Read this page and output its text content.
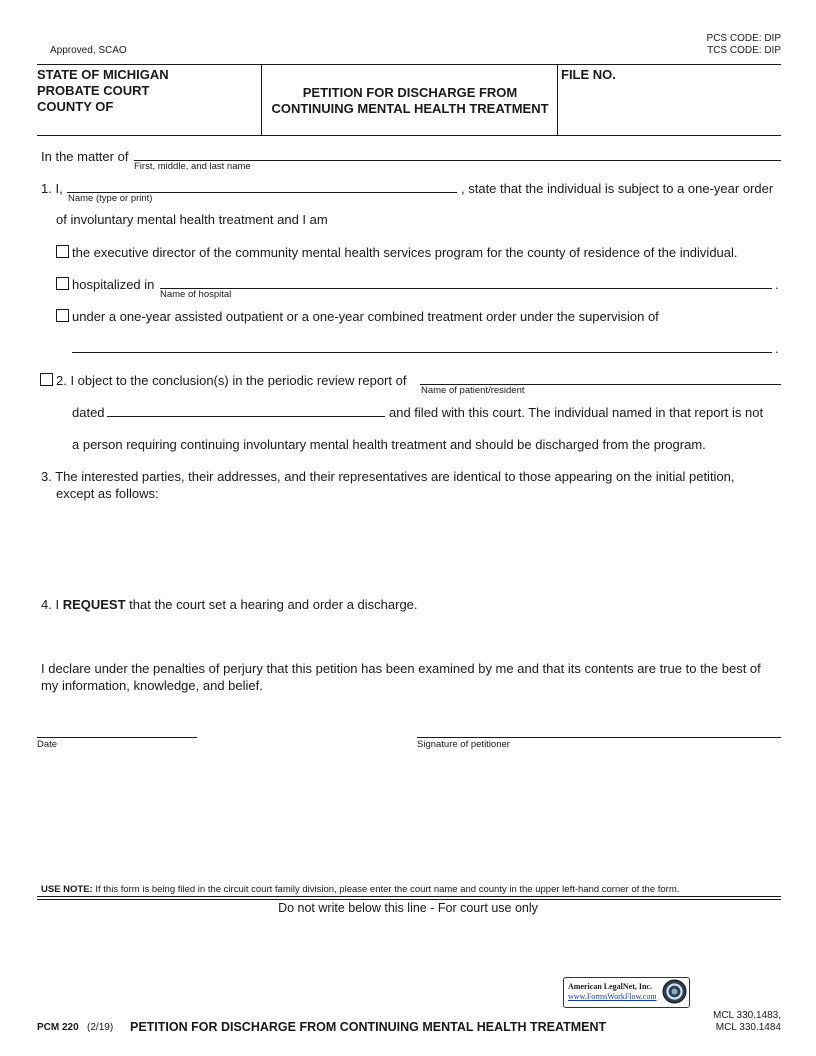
Approved, SCAO
PCS CODE: DIP
TCS CODE: DIP
STATE OF MICHIGAN
PROBATE COURT
COUNTY OF
PETITION FOR DISCHARGE FROM
CONTINUING MENTAL HEALTH TREATMENT
FILE NO.
In the matter of
First, middle, and last name
1. I,
Name (type or print)
, state that the individual is subject to a one-year order
of involuntary mental health treatment and I am
the executive director of the community mental health services program for the county of residence of the individual.
hospitalized in	.
Name of hospital
under a one-year assisted outpatient or a one-year combined treatment order under the supervision of
.
2. I object to the conclusion(s) in the periodic review report of
Name of patient/resident
dated	and filed with this court. The individual named in that report is not
a person requiring continuing involuntary mental health treatment and should be discharged from the program.
3. The interested parties, their addresses, and their representatives are identical to those appearing on the initial petition,
except as follows:
4. I REQUEST that the court set a hearing and order a discharge.
I declare under the penalties of perjury that this petition has been examined by me and that its contents are true to the best of
my information, knowledge, and belief.
Date	Signature of petitioner
USE NOTE: If this form is being filed in the circuit court family division, please enter the court name and county in the upper left-hand corner of the form.
Do not write below this line - For court use only
American LegalNet, Inc.
www.FormsWorkFlow.com
PCM 220 (2/19) PETITION FOR DISCHARGE FROM CONTINUING MENTAL HEALTH TREATMENT
MCL 330.1483,
MCL 330.1484
